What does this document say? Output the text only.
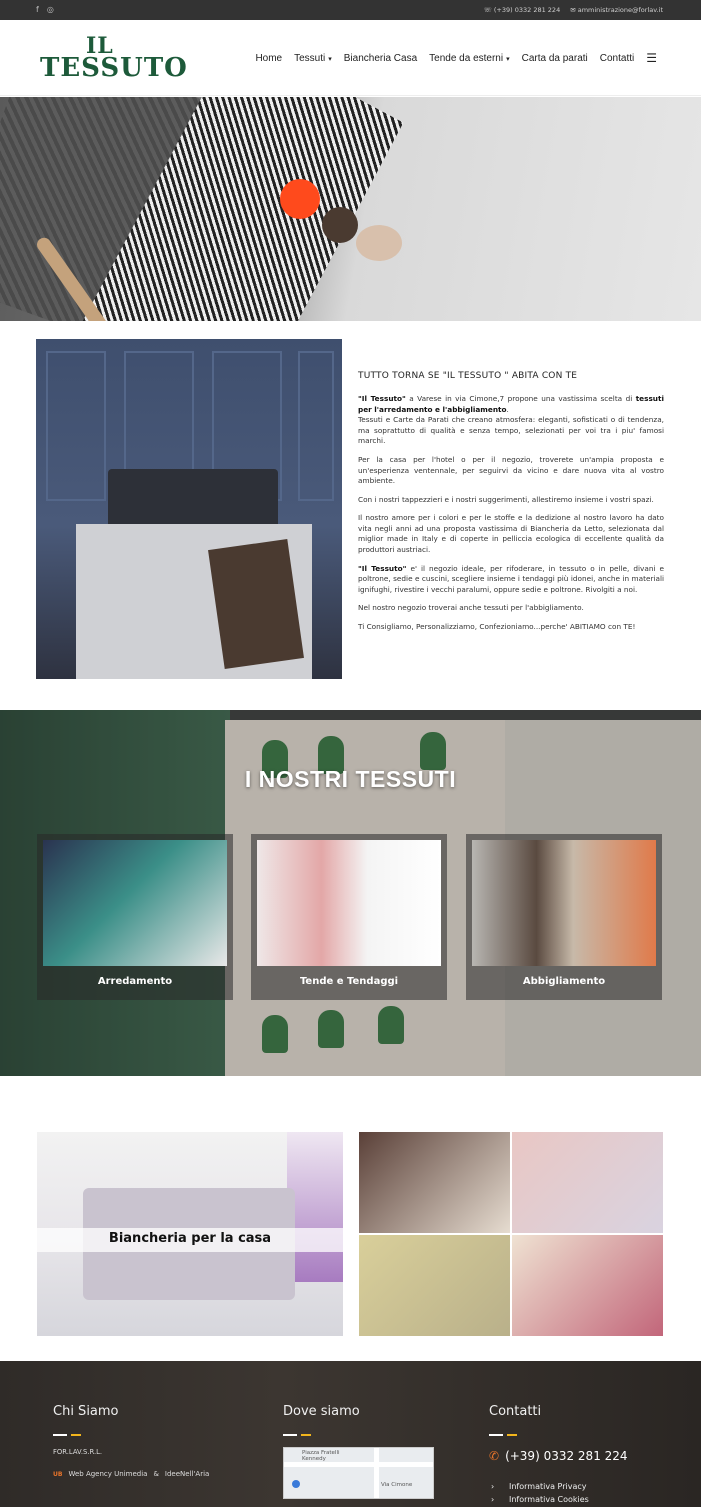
f ◎	☏ (+39) 0332 281 224 ✉ amministrazione@forlav.it
IL
TESSUTO	Home Tessuti ▾ Biancheria Casa Tende da esterni ▾ Carta da parati Contatti ☰
TUTTO TORNA SE "IL TESSUTO " ABITA CON TE

"Il Tessuto" a Varese in via Cimone,7 propone una vastissima scelta di tessuti per l'arredamento e l'abbigliamento.
Tessuti e Carte da Parati che creano atmosfera: eleganti, sofisticati o di tendenza, ma soprattutto di qualità e senza tempo, selezionati per voi tra i piu' famosi marchi.

Per la casa per l'hotel o per il negozio, troverete un'ampia proposta e un'esperienza ventennale, per seguirvi da vicino e dare nuova vita al vostro ambiente.

Con i nostri tappezzieri e i nostri suggerimenti, allestiremo insieme i vostri spazi.

Il nostro amore per i colori e per le stoffe e la dedizione al nostro lavoro ha dato vita negli anni ad una proposta vastissima di Biancheria da Letto, selezionata dal miglior made in Italy e di coperte in pelliccia ecologica di eccellente qualità da produttori austriaci.

"Il Tessuto" e' il negozio ideale, per rifoderare, in tessuto o in pelle, divani e poltrone, sedie e cuscini, scegliere insieme i tendaggi più idonei, anche in materiali ignifughi, rivestire i vecchi paralumi, oppure sedie e poltrone. Rivolgiti a noi.

Nel nostro negozio troverai anche tessuti per l'abbigliamento.

Ti Consigliamo, Personalizziamo, Confezioniamo...perche' ABITIAMO con TE!

I NOSTRI TESSUTI
Arredamento	Tende e Tendaggi	Abbigliamento
Biancheria per la casa
Chi Siamo
FOR.LAV.S.R.L.
UB Web Agency Unimedia & IdeeNell'Aria
Dove siamo
Piazza Fratelli
Kennedy
Via Cimone
Contatti
✆ (+39) 0332 281 224
› Informativa Privacy
› Informativa Cookies
